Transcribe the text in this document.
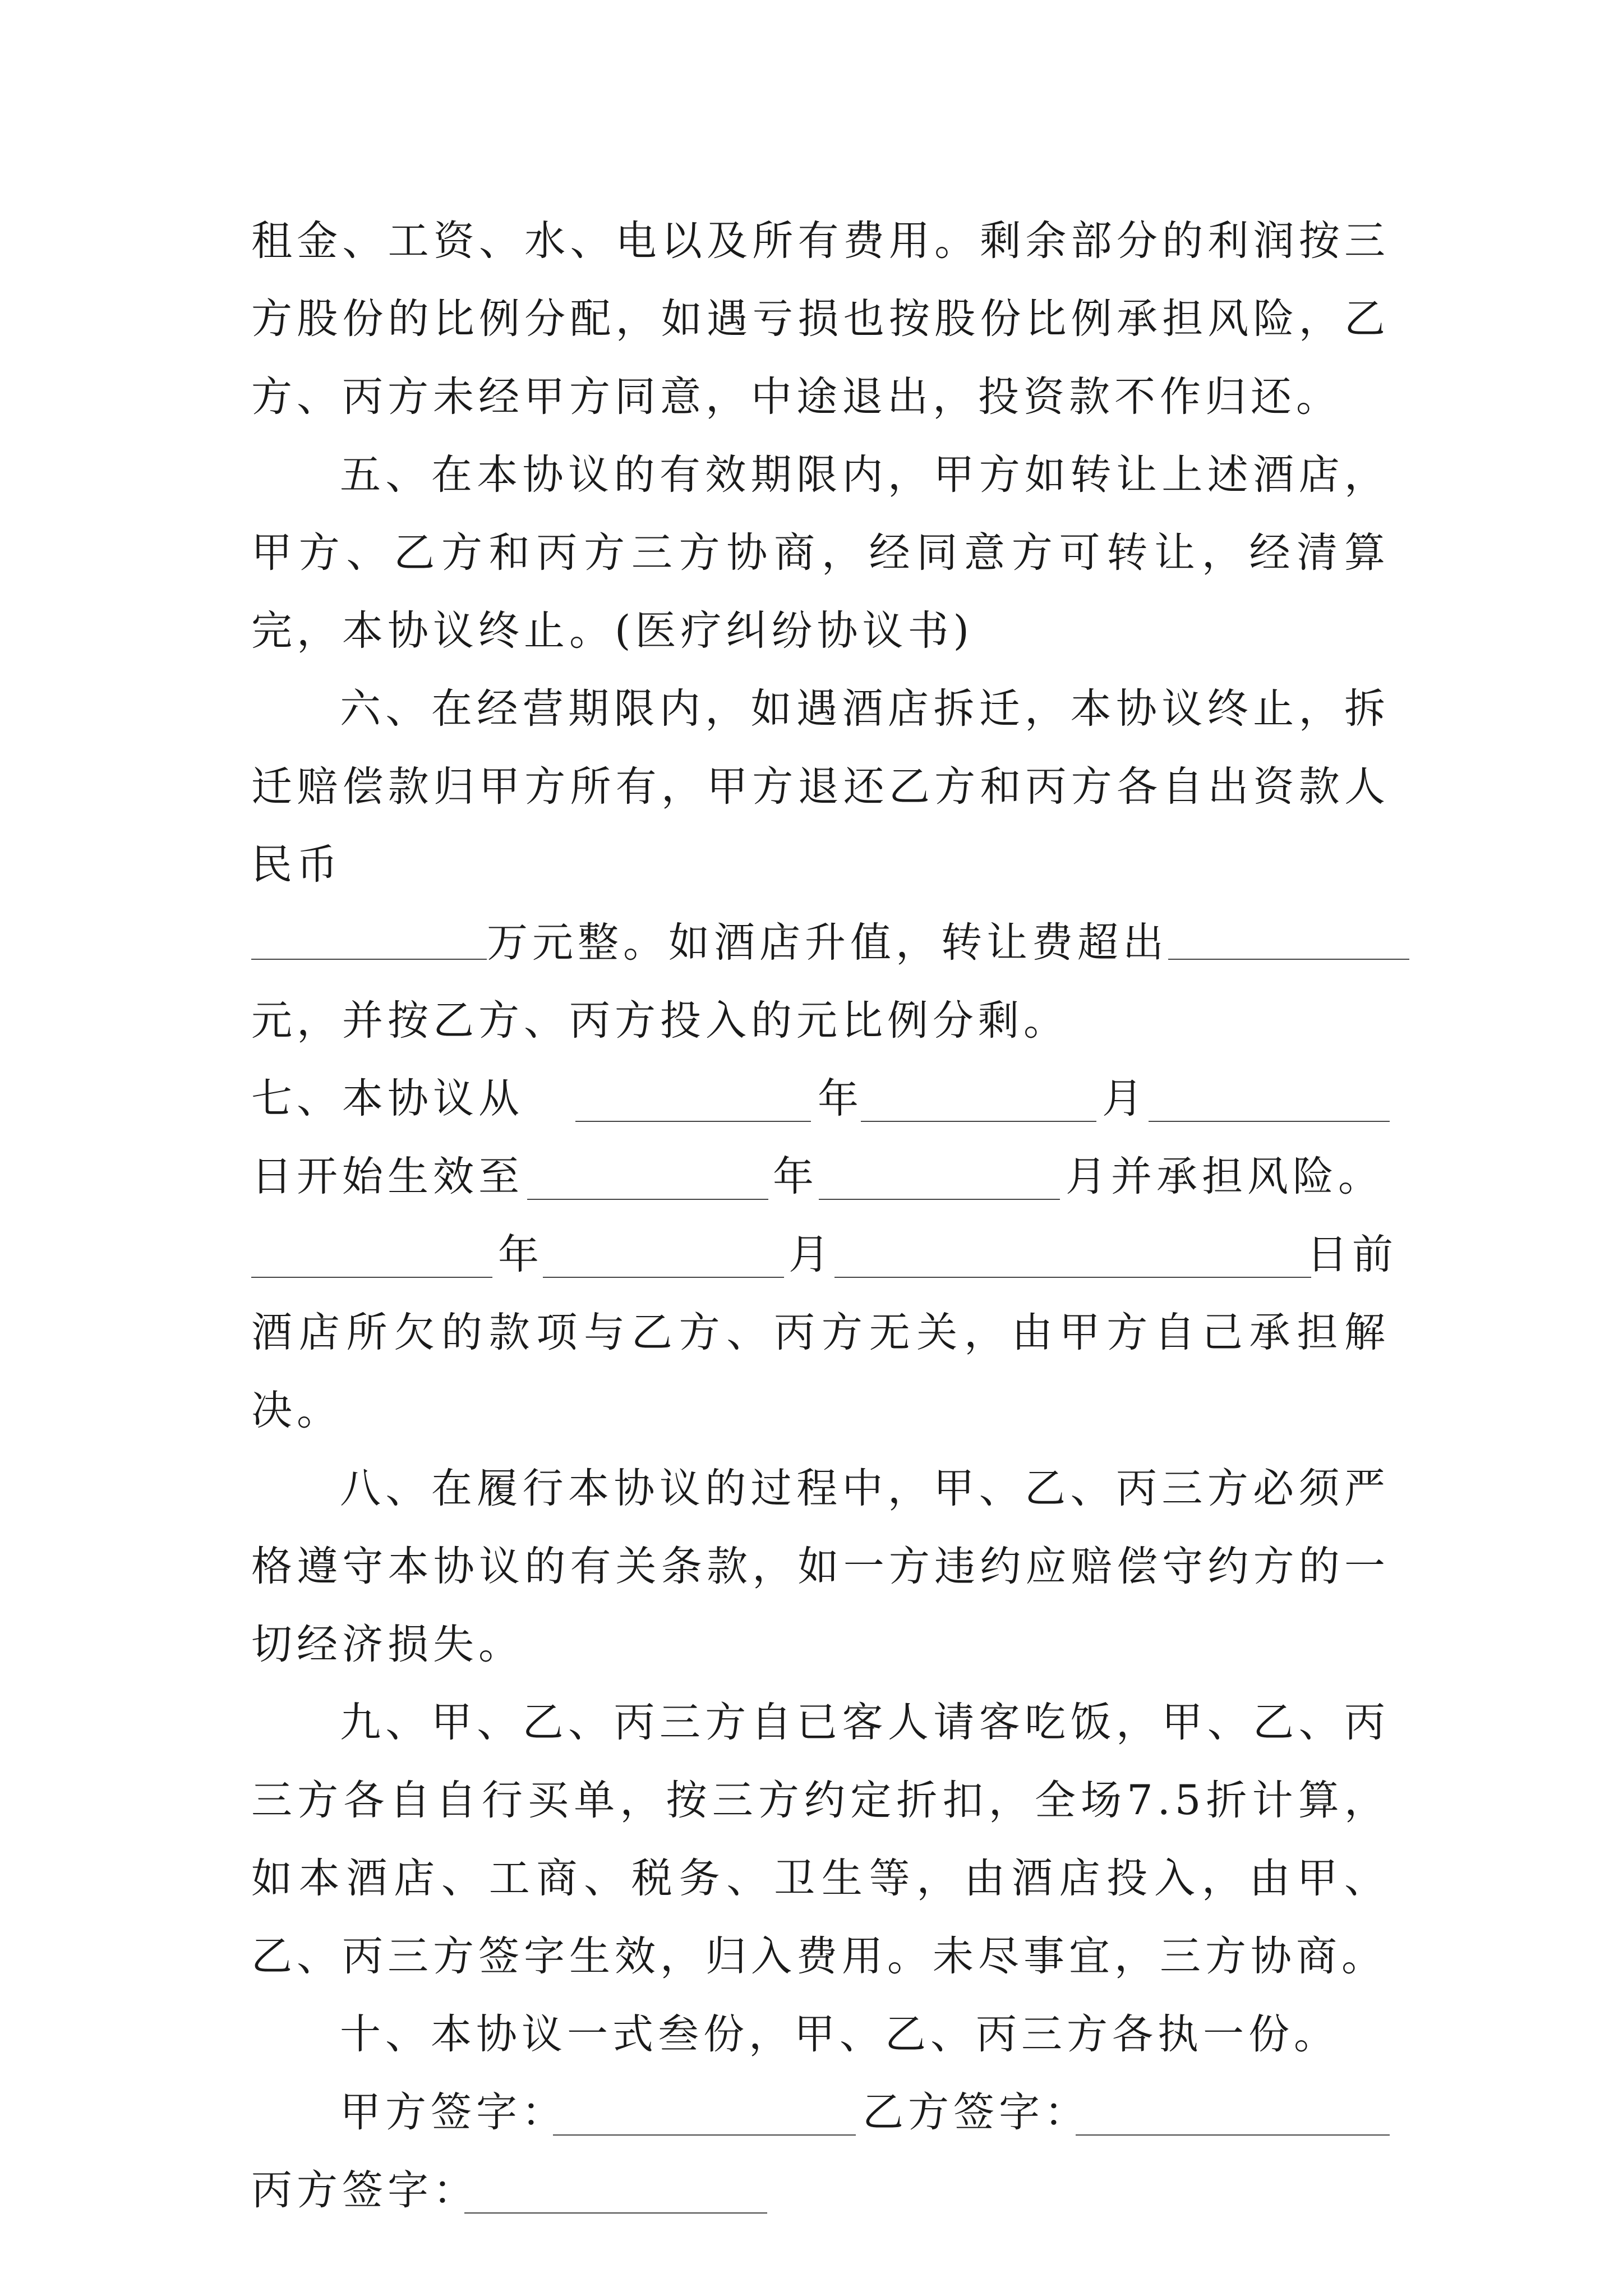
租金、工资、水、电以及所有费用。剩余部分的利润按三方股份的比例分配，如遇亏损也按股份比例承担风险，乙方、丙方未经甲方同意，中途退出，投资款不作归还。

五、在本协议的有效期限内，甲方如转让上述酒店，甲方、乙方和丙方三方协商，经同意方可转让，经清算完，本协议终止。(医疗纠纷协议书)

六、在经营期限内，如遇酒店拆迁，本协议终止，拆迁赔偿款归甲方所有，甲方退还乙方和丙方各自出资款人民币

万元整。如酒店升值，转让费超出

元，并按乙方、丙方投入的元比例分剩。

七、本协议从	年	月
日开始生效至	年	月并承担风险。
年	月	日前

酒店所欠的款项与乙方、丙方无关，由甲方自己承担解决。

八、在履行本协议的过程中，甲、乙、丙三方必须严格遵守本协议的有关条款，如一方违约应赔偿守约方的一切经济损失。

九、甲、乙、丙三方自已客人请客吃饭，甲、乙、丙三方各自自行买单，按三方约定折扣，全场7.5折计算，如本酒店、工商、税务、卫生等，由酒店投入，由甲、乙、丙三方签字生效，归入费用。未尽事宜，三方协商。

十、本协议一式叁份，甲、乙、丙三方各执一份。

甲方签字：	乙方签字：
丙方签字：
